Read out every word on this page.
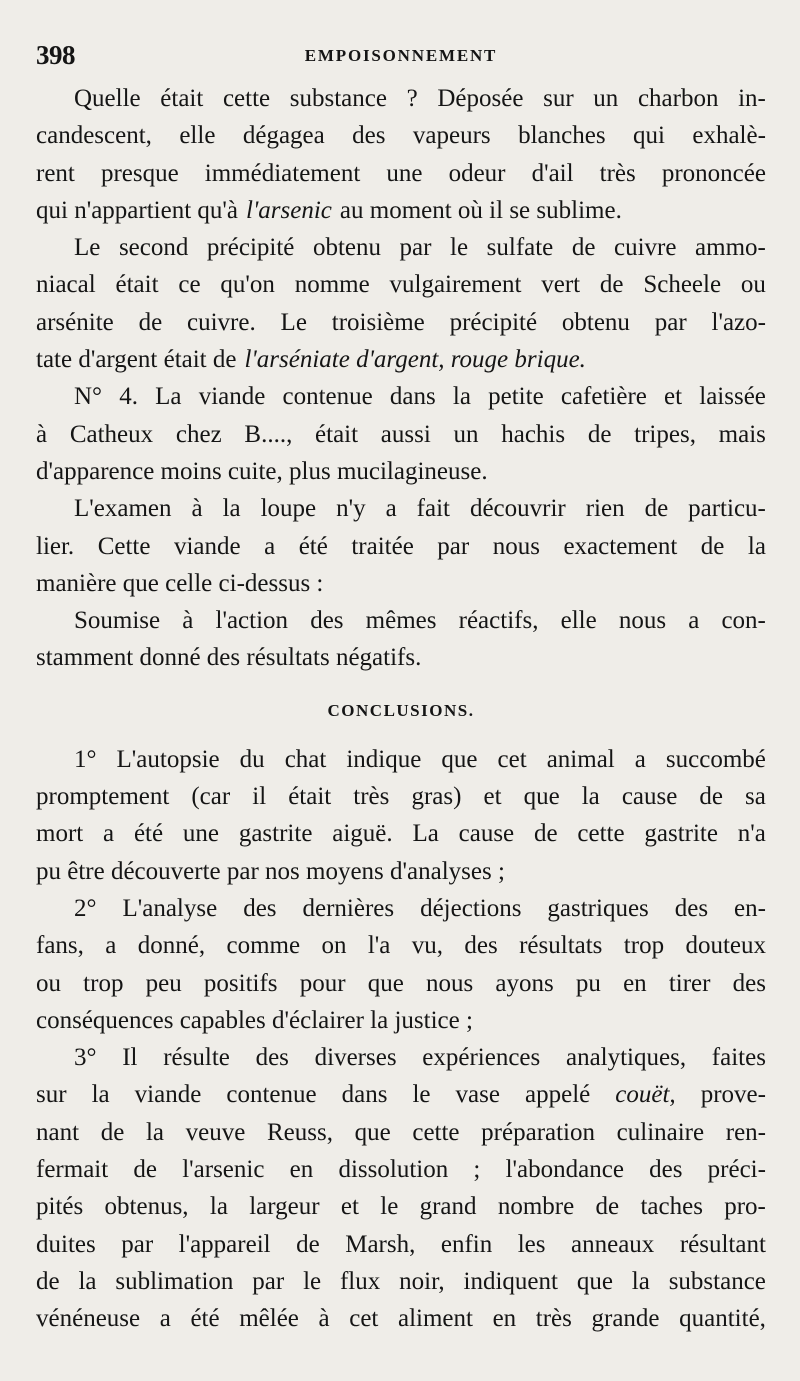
398	EMPOISONNEMENT
Quelle était cette substance ? Déposée sur un charbon in-
candescent, elle dégagea des vapeurs blanches qui exhalè-
rent presque immédiatement une odeur d'ail très prononcée
qui n'appartient qu'à l'arsenic au moment où il se sublime.
Le second précipité obtenu par le sulfate de cuivre ammo-
niacal était ce qu'on nomme vulgairement vert de Scheele ou
arsénite de cuivre. Le troisième précipité obtenu par l'azo-
tate d'argent était de l'arséniate d'argent, rouge brique.
N° 4. La viande contenue dans la petite cafetière et laissée
à Catheux chez B...., était aussi un hachis de tripes, mais
d'apparence moins cuite, plus mucilagineuse.
L'examen à la loupe n'y a fait découvrir rien de particu-
lier. Cette viande a été traitée par nous exactement de la
manière que celle ci-dessus :
Soumise à l'action des mêmes réactifs, elle nous a con-
stamment donné des résultats négatifs.
CONCLUSIONS.
1° L'autopsie du chat indique que cet animal a succombé
promptement (car il était très gras) et que la cause de sa
mort a été une gastrite aiguë. La cause de cette gastrite n'a
pu être découverte par nos moyens d'analyses ;
2° L'analyse des dernières déjections gastriques des en-
fans, a donné, comme on l'a vu, des résultats trop douteux
ou trop peu positifs pour que nous ayons pu en tirer des
conséquences capables d'éclairer la justice ;
3° Il résulte des diverses expériences analytiques, faites
sur la viande contenue dans le vase appelé couët, prove-
nant de la veuve Reuss, que cette préparation culinaire ren-
fermait de l'arsenic en dissolution ; l'abondance des préci-
pités obtenus, la largeur et le grand nombre de taches pro-
duites par l'appareil de Marsh, enfin les anneaux résultant
de la sublimation par le flux noir, indiquent que la substance
vénéneuse a été mêlée à cet aliment en très grande quantité,
